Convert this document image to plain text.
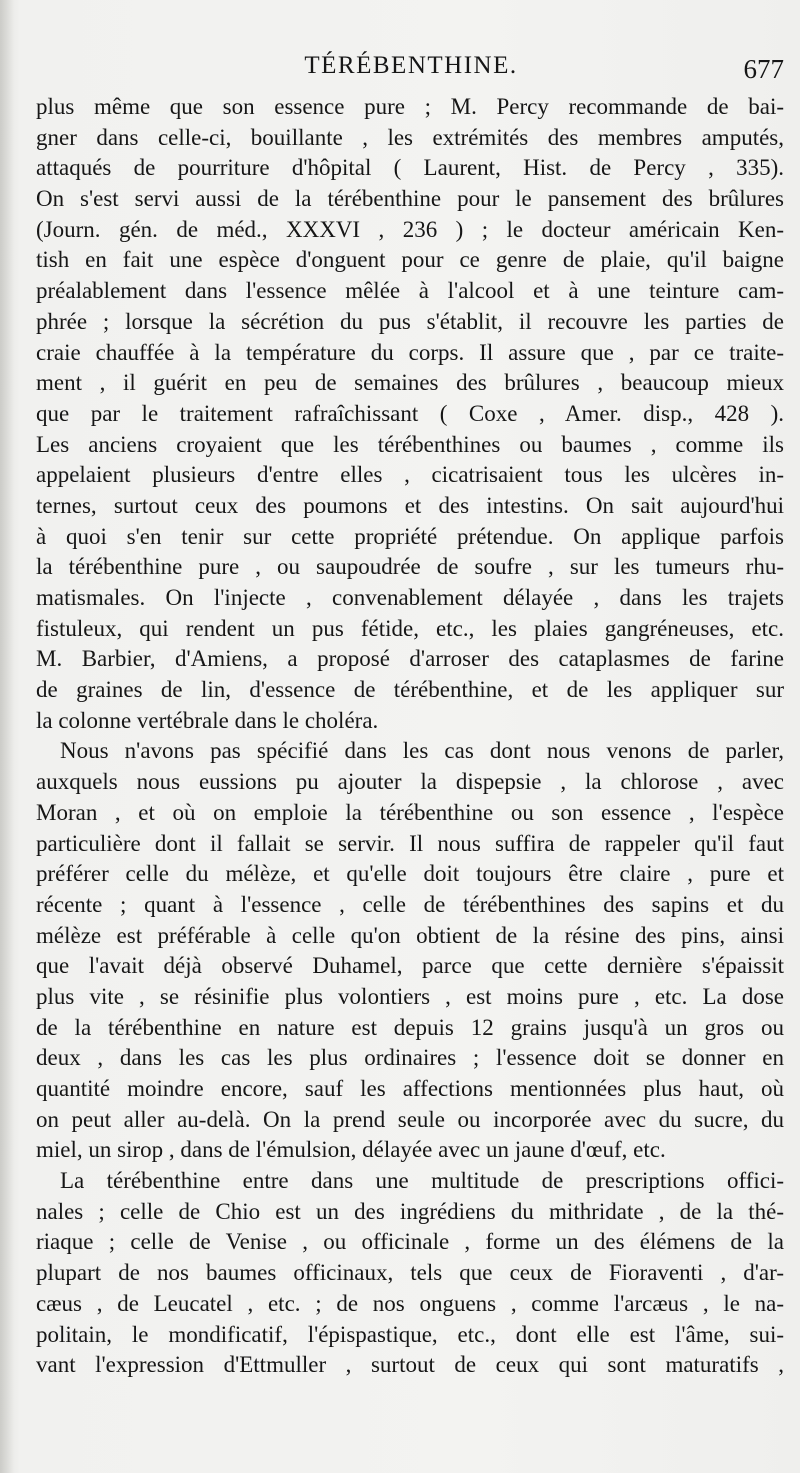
TÉRÉBENTHINE.	677
plus même que son essence pure ; M. Percy recommande de bai-
gner dans celle-ci, bouillante , les extrémités des membres amputés,
attaqués de pourriture d'hôpital ( Laurent, Hist. de Percy , 335).
On s'est servi aussi de la térébenthine pour le pansement des brûlures
(Journ. gén. de méd., XXXVI , 236 ) ; le docteur américain Ken-
tish en fait une espèce d'onguent pour ce genre de plaie, qu'il baigne
préalablement dans l'essence mêlée à l'alcool et à une teinture cam-
phrée ; lorsque la sécrétion du pus s'établit, il recouvre les parties de
craie chauffée à la température du corps. Il assure que , par ce traite-
ment , il guérit en peu de semaines des brûlures , beaucoup mieux
que par le traitement rafraîchissant ( Coxe , Amer. disp., 428 ).
Les anciens croyaient que les térébenthines ou baumes , comme ils
appelaient plusieurs d'entre elles , cicatrisaient tous les ulcères in-
ternes, surtout ceux des poumons et des intestins. On sait aujourd'hui
à quoi s'en tenir sur cette propriété prétendue. On applique parfois
la térébenthine pure , ou saupoudrée de soufre , sur les tumeurs rhu-
matismales. On l'injecte , convenablement délayée , dans les trajets
fistuleux, qui rendent un pus fétide, etc., les plaies gangréneuses, etc.
M. Barbier, d'Amiens, a proposé d'arroser des cataplasmes de farine
de graines de lin, d'essence de térébenthine, et de les appliquer sur
la colonne vertébrale dans le choléra.
Nous n'avons pas spécifié dans les cas dont nous venons de parler,
auxquels nous eussions pu ajouter la dispepsie , la chlorose , avec
Moran , et où on emploie la térébenthine ou son essence , l'espèce
particulière dont il fallait se servir. Il nous suffira de rappeler qu'il faut
préférer celle du mélèze, et qu'elle doit toujours être claire , pure et
récente ; quant à l'essence , celle de térébenthines des sapins et du
mélèze est préférable à celle qu'on obtient de la résine des pins, ainsi
que l'avait déjà observé Duhamel, parce que cette dernière s'épaissit
plus vite , se résinifie plus volontiers , est moins pure , etc. La dose
de la térébenthine en nature est depuis 12 grains jusqu'à un gros ou
deux , dans les cas les plus ordinaires ; l'essence doit se donner en
quantité moindre encore, sauf les affections mentionnées plus haut, où
on peut aller au-delà. On la prend seule ou incorporée avec du sucre, du
miel, un sirop , dans de l'émulsion, délayée avec un jaune d'œuf, etc.
La térébenthine entre dans une multitude de prescriptions offici-
nales ; celle de Chio est un des ingrédiens du mithridate , de la thé-
riaque ; celle de Venise , ou officinale , forme un des élémens de la
plupart de nos baumes officinaux, tels que ceux de Fioraventi , d'ar-
cæus , de Leucatel , etc. ; de nos onguens , comme l'arcæus , le na-
politain, le mondificatif, l'épispastique, etc., dont elle est l'âme, sui-
vant l'expression d'Ettmuller , surtout de ceux qui sont maturatifs ,
